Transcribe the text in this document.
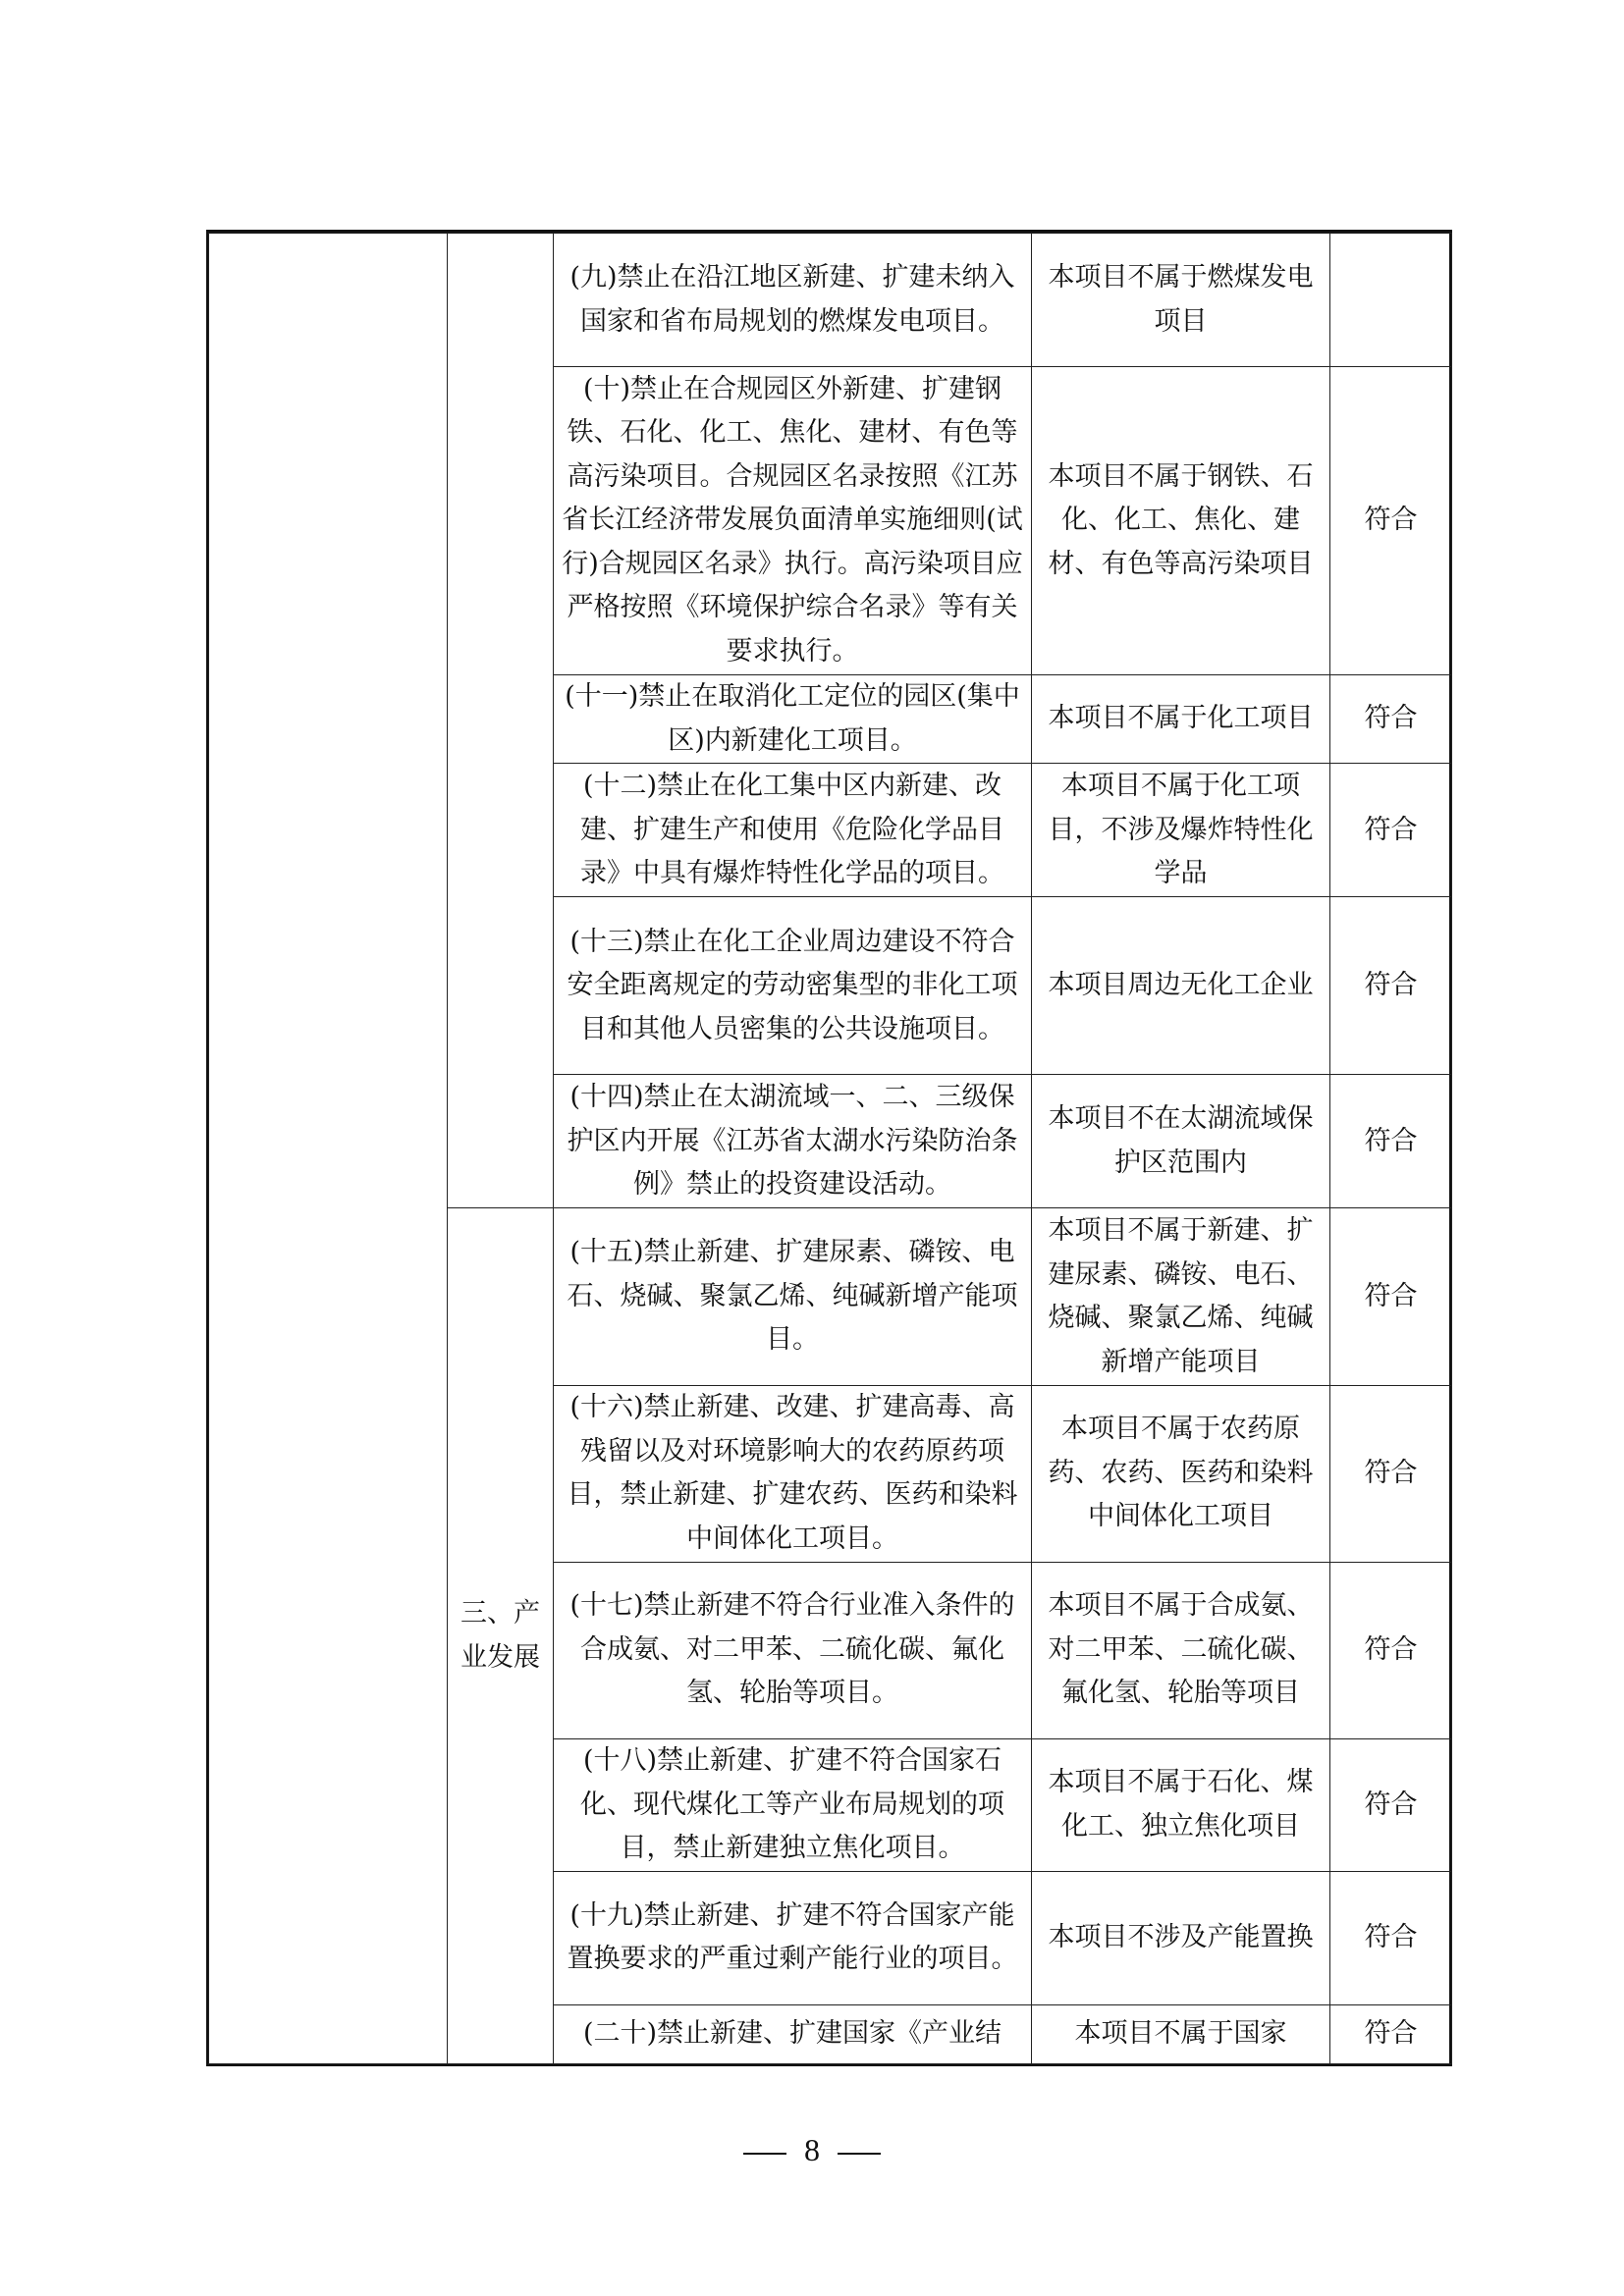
		(九)禁止在沿江地区新建、扩建未纳入国家和省布局规划的燃煤发电项目。	本项目不属于燃煤发电项目	
		(十)禁止在合规园区外新建、扩建钢铁、石化、化工、焦化、建材、有色等高污染项目。合规园区名录按照《江苏省长江经济带发展负面清单实施细则(试行)合规园区名录》执行。高污染项目应严格按照《环境保护综合名录》等有关要求执行。	本项目不属于钢铁、石化、化工、焦化、建材、有色等高污染项目	符合
		(十一)禁止在取消化工定位的园区(集中区)内新建化工项目。	本项目不属于化工项目	符合
		(十二)禁止在化工集中区内新建、改建、扩建生产和使用《危险化学品目录》中具有爆炸特性化学品的项目。	本项目不属于化工项目，不涉及爆炸特性化学品	符合
		(十三)禁止在化工企业周边建设不符合安全距离规定的劳动密集型的非化工项目和其他人员密集的公共设施项目。	本项目周边无化工企业	符合
		(十四)禁止在太湖流域一、二、三级保护区内开展《江苏省太湖水污染防治条例》禁止的投资建设活动。	本项目不在太湖流域保护区范围内	符合
	三、产业发展	(十五)禁止新建、扩建尿素、磷铵、电石、烧碱、聚氯乙烯、纯碱新增产能项目。	本项目不属于新建、扩建尿素、磷铵、电石、烧碱、聚氯乙烯、纯碱新增产能项目	符合
		(十六)禁止新建、改建、扩建高毒、高残留以及对环境影响大的农药原药项目，禁止新建、扩建农药、医药和染料中间体化工项目。	本项目不属于农药原药、农药、医药和染料中间体化工项目	符合
		(十七)禁止新建不符合行业准入条件的合成氨、对二甲苯、二硫化碳、氟化氢、轮胎等项目。	本项目不属于合成氨、对二甲苯、二硫化碳、氟化氢、轮胎等项目	符合
		(十八)禁止新建、扩建不符合国家石化、现代煤化工等产业布局规划的项目，禁止新建独立焦化项目。	本项目不属于石化、煤化工、独立焦化项目	符合
		(十九)禁止新建、扩建不符合国家产能置换要求的严重过剩产能行业的项目。	本项目不涉及产能置换	符合
		(二十)禁止新建、扩建国家《产业结	本项目不属于国家	符合
8
